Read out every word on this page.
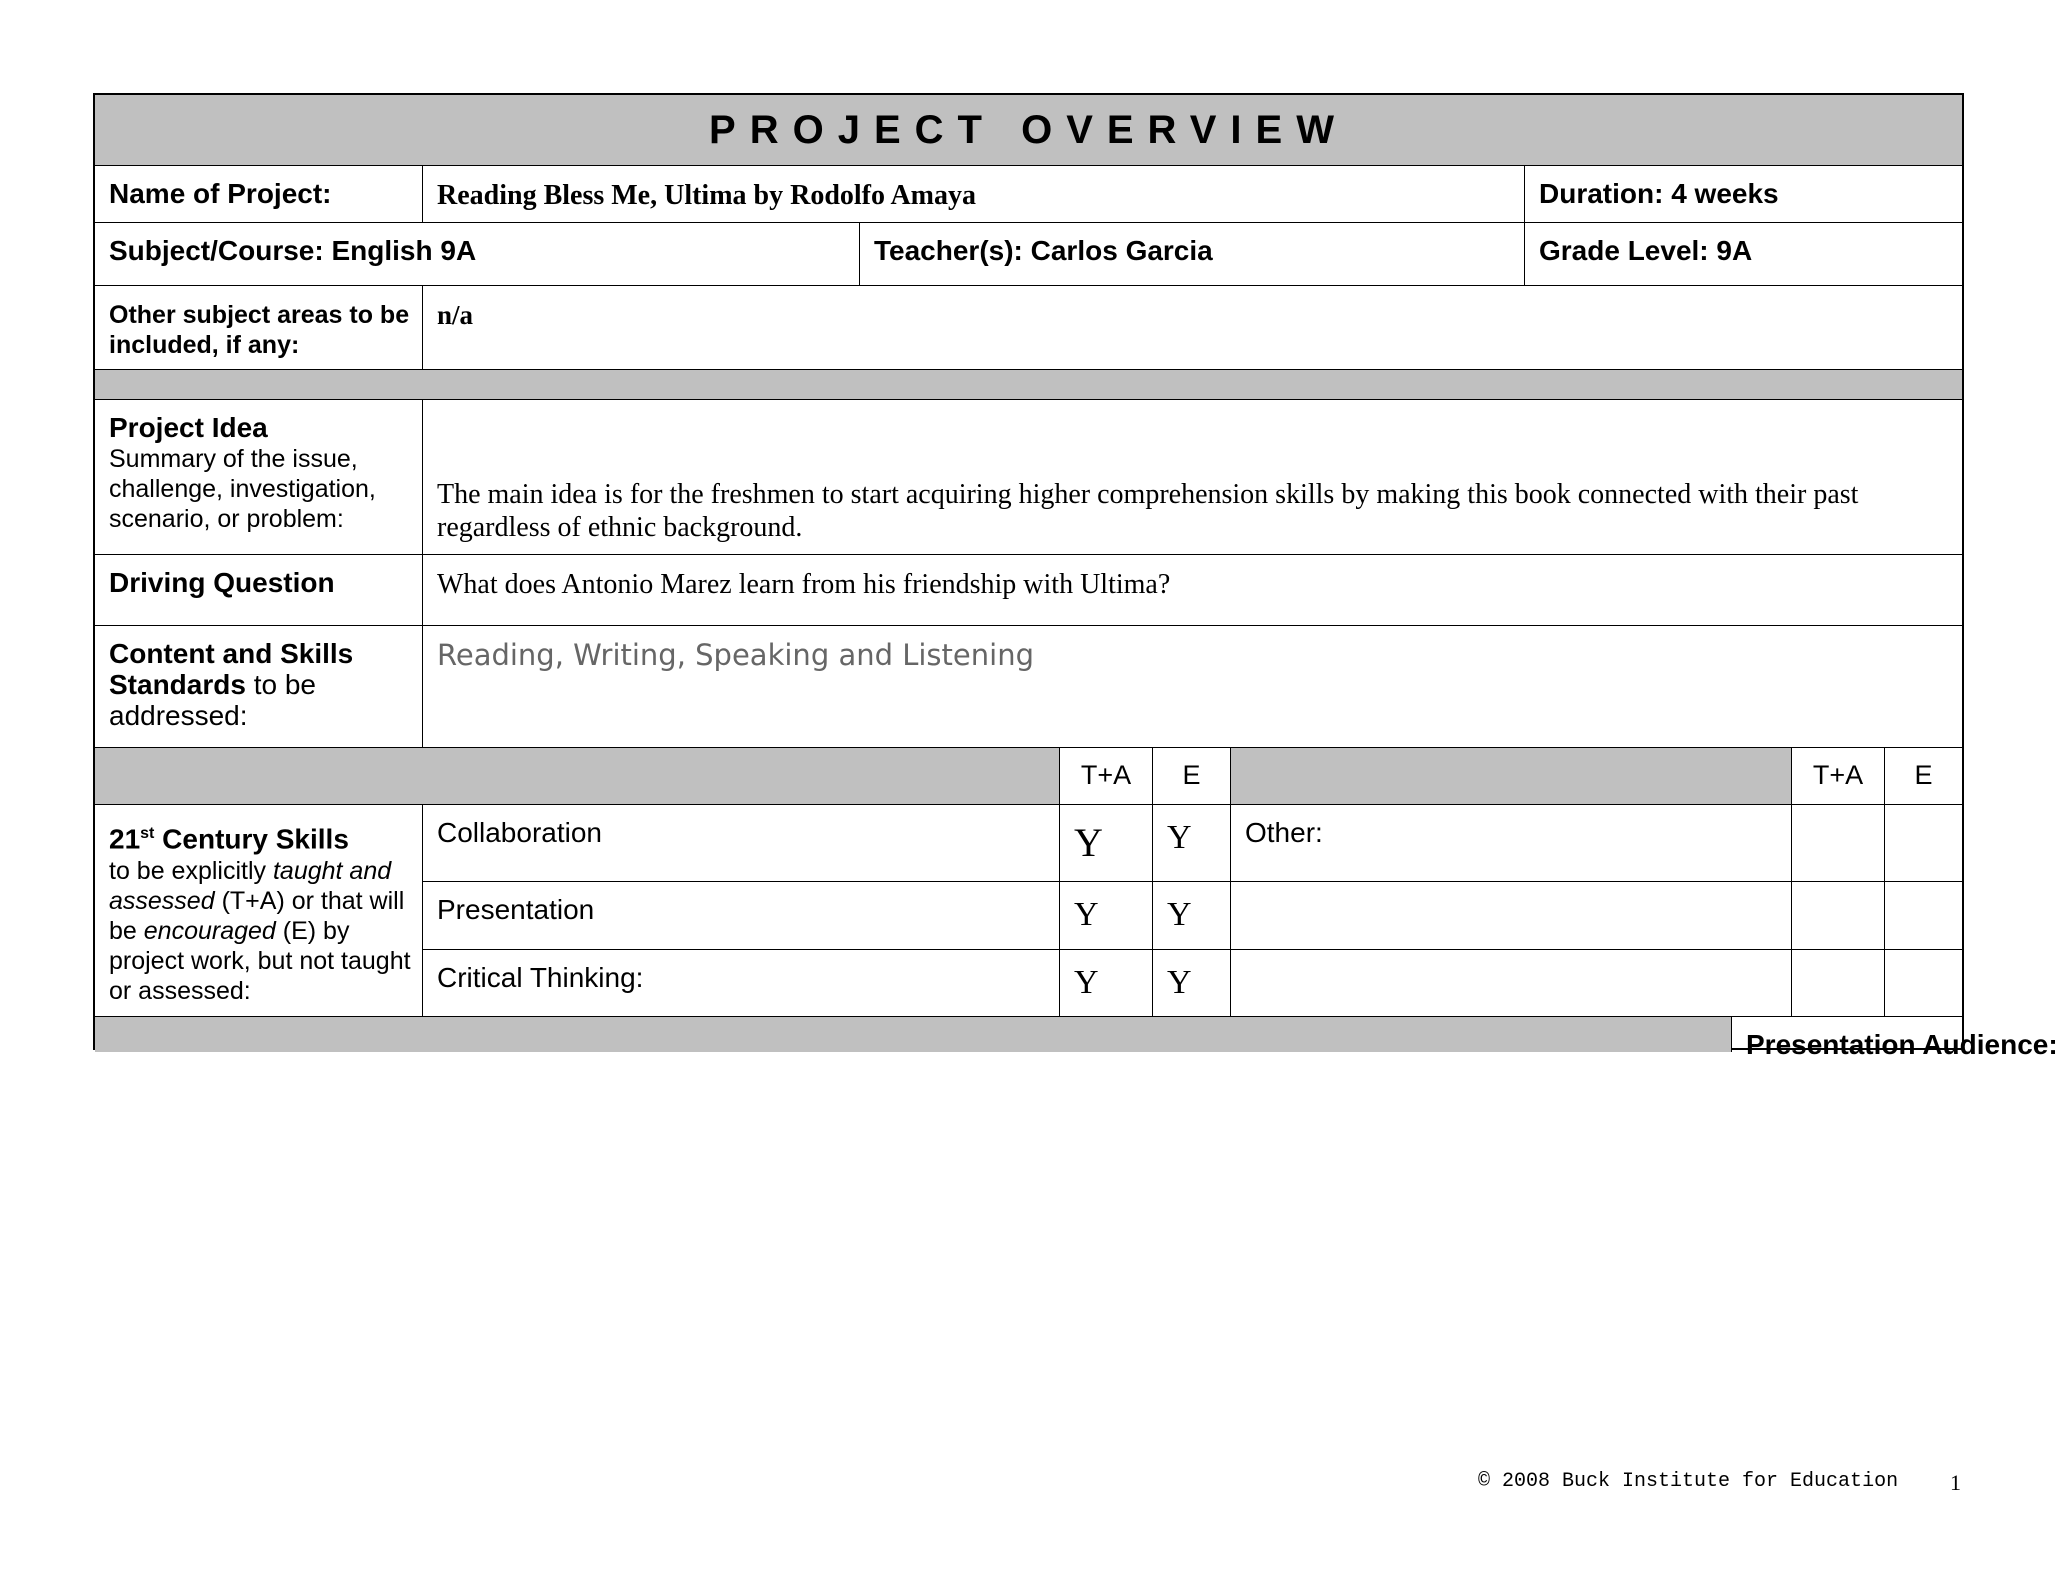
PROJECT OVERVIEW
Name of Project:	Reading Bless Me, Ultima by Rodolfo Amaya	Duration: 4 weeks
Subject/Course: English 9A	Teacher(s): Carlos Garcia	Grade Level: 9A
Other subject areas to be included, if any:
n/a
Project Idea
Summary of the issue, challenge, investigation, scenario, or problem:
The main idea is for the freshmen to start acquiring higher comprehension skills by making this book connected with their past regardless of ethnic background.
Driving Question	What does Antonio Marez learn from his friendship with Ultima?
Content and Skills Standards to be addressed:
Reading, Writing, Speaking and Listening
T+A	E	T+A	E
21st Century Skills
to be explicitly taught and assessed (T+A) or that will be encouraged (E) by project work, but not taught or assessed:
Collaboration	Y	Y	Other:
Presentation	Y	Y
Critical Thinking:	Y	Y
Presentation Audience:
© 2008 Buck Institute for Education 1
